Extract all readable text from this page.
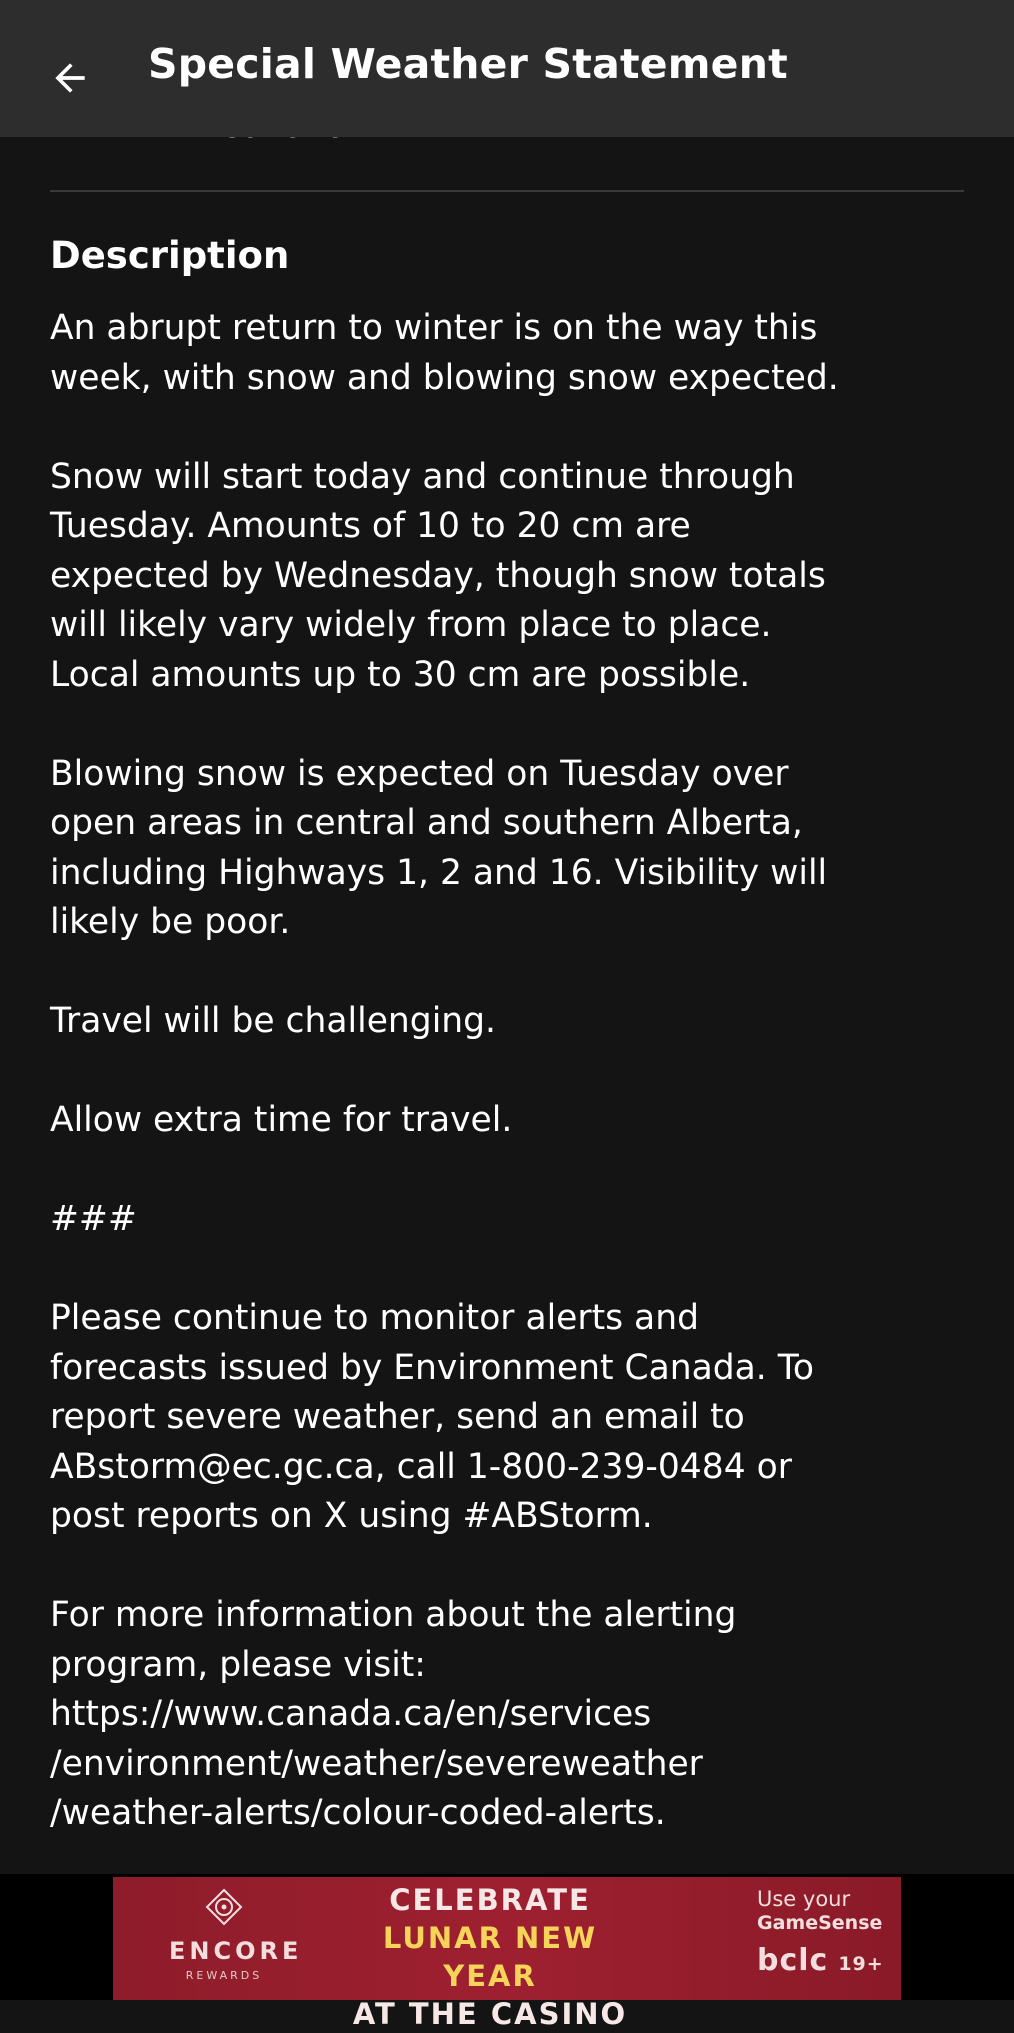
Special Weather Statement
Description

An abrupt return to winter is on the way this
week, with snow and blowing snow expected.

Snow will start today and continue through
Tuesday. Amounts of 10 to 20 cm are
expected by Wednesday, though snow totals
will likely vary widely from place to place.
Local amounts up to 30 cm are possible.

Blowing snow is expected on Tuesday over
open areas in central and southern Alberta,
including Highways 1, 2 and 16. Visibility will
likely be poor.

Travel will be challenging.

Allow extra time for travel.

###

Please continue to monitor alerts and
forecasts issued by Environment Canada. To
report severe weather, send an email to
ABstorm@ec.gc.ca, call 1-800-239-0484 or
post reports on X using #ABStorm.

For more information about the alerting
program, please visit:
https://www.canada.ca/en/services
/environment/weather/severeweather
/weather-alerts/colour-coded-alerts.

ENCORE
REWARDS
CELEBRATE
LUNAR NEW YEAR
AT THE CASINO
Use your
GameSense
bclc 19+
